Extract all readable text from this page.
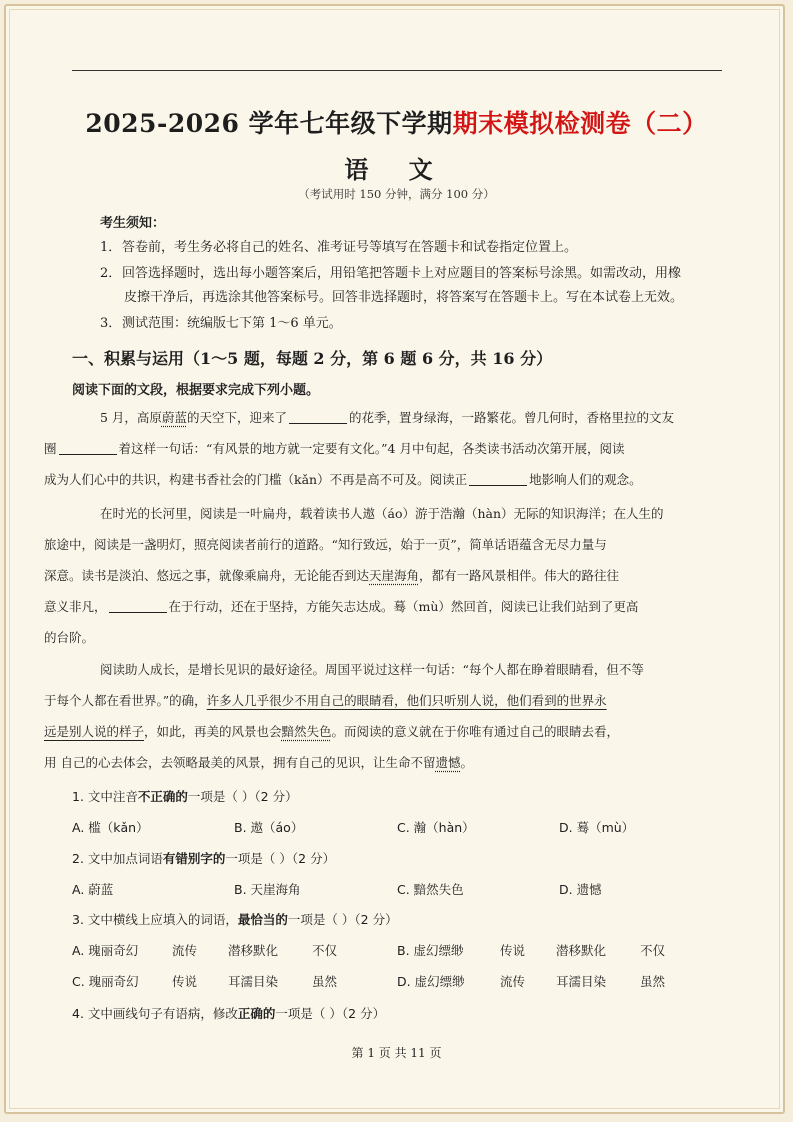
2025-2026 学年七年级下学期期末模拟检测卷（二）
语 文
（考试用时 150 分钟，满分 100 分）
考生须知：
1．答卷前，考生务必将自己的姓名、准考证号等填写在答题卡和试卷指定位置上。
2．回答选择题时，选出每小题答案后，用铅笔把答题卡上对应题目的答案标号涂黑。如需改动，用橡
皮擦干净后，再选涂其他答案标号。回答非选择题时，将答案写在答题卡上。写在本试卷上无效。
3．测试范围：统编版七下第 1～6 单元。
一、积累与运用（1～5 题，每题 2 分，第 6 题 6 分，共 16 分）
阅读下面的文段，根据要求完成下列小题。
5 月，高原蔚蓝的天空下，迎来了	的花季，置身绿海，一路繁花。曾几何时，香格里拉的文友
圈	着这样一句话：“有风景的地方就一定要有文化。”4 月中旬起，各类读书活动次第开展，阅读
成为人们心中的共识，构建书香社会的门槛（kǎn）不再是高不可及。阅读正	地影响人们的观念。
在时光的长河里，阅读是一叶扁舟，载着读书人遨（áo）游于浩瀚（hàn）无际的知识海洋；在人生的
旅途中，阅读是一盏明灯，照亮阅读者前行的道路。“知行致远，始于一页”，简单话语蕴含无尽力量与
深意。读书是淡泊、悠远之事，就像乘扁舟，无论能否到达天崖海角，都有一路风景相伴。伟大的路往往
意义非凡，	在于行动，还在于坚持，方能矢志达成。蓦（mù）然回首，阅读已让我们站到了更高
的台阶。
阅读助人成长，是增长见识的最好途径。周国平说过这样一句话：“每个人都在睁着眼睛看，但不等
于每个人都在看世界。”的确，许多人几乎很少不用自己的眼睛看，他们只听别人说，他们看到的世界永
远是别人说的样子，如此，再美的风景也会黯然失色。而阅读的意义就在于你唯有通过自己的眼睛去看，
用 自己的心去体会，去领略最美的风景，拥有自己的见识，让生命不留遗憾。
1. 文中注音不正确的一项是（ ）（2 分）
A. 槛（kǎn）	B. 遨（áo）	C. 瀚（hàn）	D. 蓦（mù）
2. 文中加点词语有错别字的一项是（ ）（2 分）
A. 蔚蓝	B. 天崖海角	C. 黯然失色	D. 遗憾
3. 文中横线上应填入的词语，最恰当的一项是（ ）（2 分）
A. 瑰丽奇幻	流传 潜移默化	不仅	B. 虚幻缥缈	传说 潜移默化	不仅
C. 瑰丽奇幻	传说 耳濡目染	虽然	D. 虚幻缥缈	流传 耳濡目染	虽然
4. 文中画线句子有语病，修改正确的一项是（ ）（2 分）
第 1 页 共 11 页
